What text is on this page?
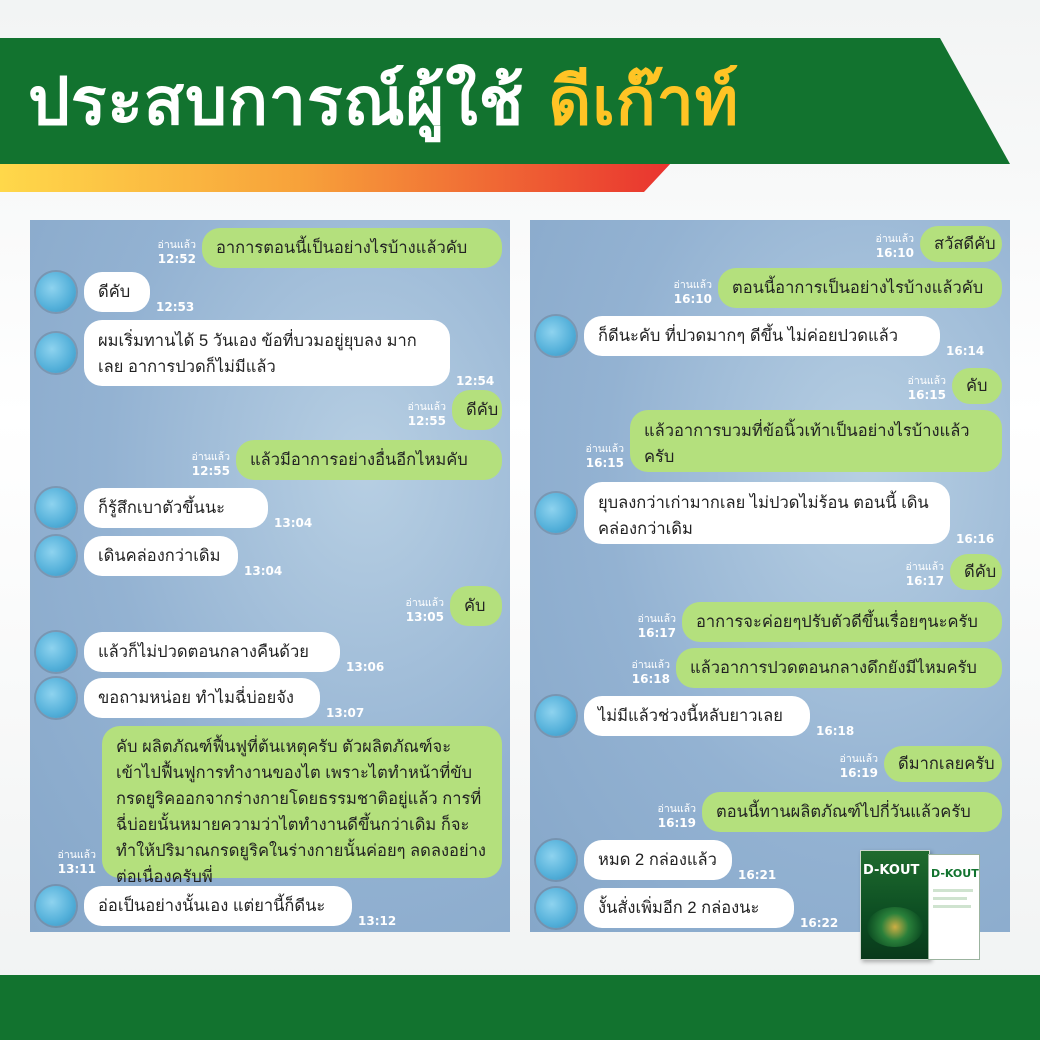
ประสบการณ์ผู้ใช้ ดีเก๊าท์
อ่านแล้ว
12:52
อาการตอนนี้เป็นอย่างไรบ้างแล้วคับ
12:53
ดีคับ
12:54
ผมเริ่มทานได้ 5 วันเอง ข้อที่บวมอยู่ยุบลง มากเลย อาการปวดก็ไม่มีแล้ว
อ่านแล้ว
12:55
ดีคับ
อ่านแล้ว
12:55
แล้วมีอาการอย่างอื่นอีกไหมคับ
13:04
ก็รู้สึกเบาตัวขึ้นนะ
13:04
เดินคล่องกว่าเดิม
อ่านแล้ว
13:05
คับ
13:06
แล้วก็ไม่ปวดตอนกลางคืนด้วย
13:07
ขอถามหน่อย ทำไมฉี่บ่อยจัง
อ่านแล้ว
13:11
คับ ผลิตภัณฑ์ฟื้นฟูที่ต้นเหตุครับ ตัวผลิตภัณฑ์จะเข้าไปฟื้นฟูการทำงานของไต เพราะไตทำหน้าที่ขับกรดยูริคออกจากร่างกายโดยธรรมชาติอยู่แล้ว การที่ฉี่บ่อยนั้นหมายความว่าไตทำงานดีขึ้นกว่าเดิม ก็จะทำให้ปริมาณกรดยูริคในร่างกายนั้นค่อยๆ ลดลงอย่างต่อเนื่องครับพี่
13:12
อ่อเป็นอย่างนั้นเอง แต่ยานี้ก็ดีนะ
อ่านแล้ว
16:10 สวัสดีคับ
อ่านแล้ว
16:10
ตอนนี้อาการเป็นอย่างไรบ้างแล้วคับ
16:14
ก็ดีนะคับ ที่ปวดมากๆ ดีขึ้น ไม่ค่อยปวดแล้ว
อ่านแล้ว
16:15 คับ
อ่านแล้ว
16:15
แล้วอาการบวมที่ข้อนิ้วเท้าเป็นอย่างไรบ้างแล้ว ครับ
16:16
ยุบลงกว่าเก่ามากเลย ไม่ปวดไม่ร้อน ตอนนี้ เดินคล่องกว่าเดิม
อ่านแล้ว
16:17 ดีคับ
อ่านแล้ว
16:17
อาการจะค่อยๆปรับตัวดีขึ้นเรื่อยๆนะครับ
อ่านแล้ว
16:18
แล้วอาการปวดตอนกลางดึกยังมีไหมครับ
16:18
ไม่มีแล้วช่วงนี้หลับยาวเลย
อ่านแล้ว
16:19 ดีมากเลยครับ
อ่านแล้ว
16:19
ตอนนี้ทานผลิตภัณฑ์ไปกี่วันแล้วครับ
16:21
หมด 2 กล่องแล้ว
16:22
งั้นสั่งเพิ่มอีก 2 กล่องนะ
D-KOUT D-KOUT
